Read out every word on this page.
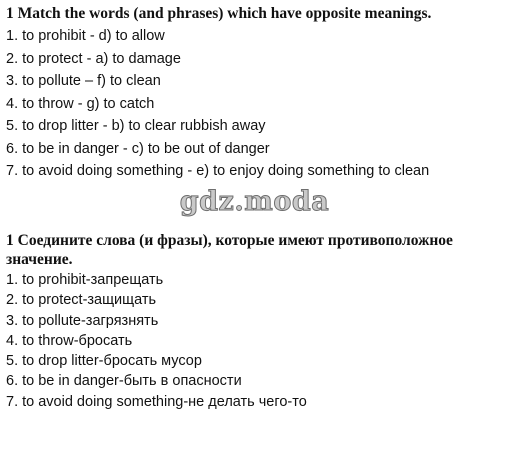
1 Match the words (and phrases) which have opposite meanings.
1. to prohibit - d) to allow
2. to protect - a) to damage
3. to pollute – f) to clean
4. to throw - g) to catch
5. to drop litter - b) to clear rubbish away
6. to be in danger - c) to be out of danger
7. to avoid doing something - e) to enjoy doing something to clean
gdz.moda
1 Соедините слова (и фразы), которые имеют противоположное значение.
1. to prohibit-запрещать
2. to protect-защищать
3. to pollute-загрязнять
4. to throw-бросать
5. to drop litter-бросать мусор
6. to be in danger-быть в опасности
7. to avoid doing something-не делать чего-то
